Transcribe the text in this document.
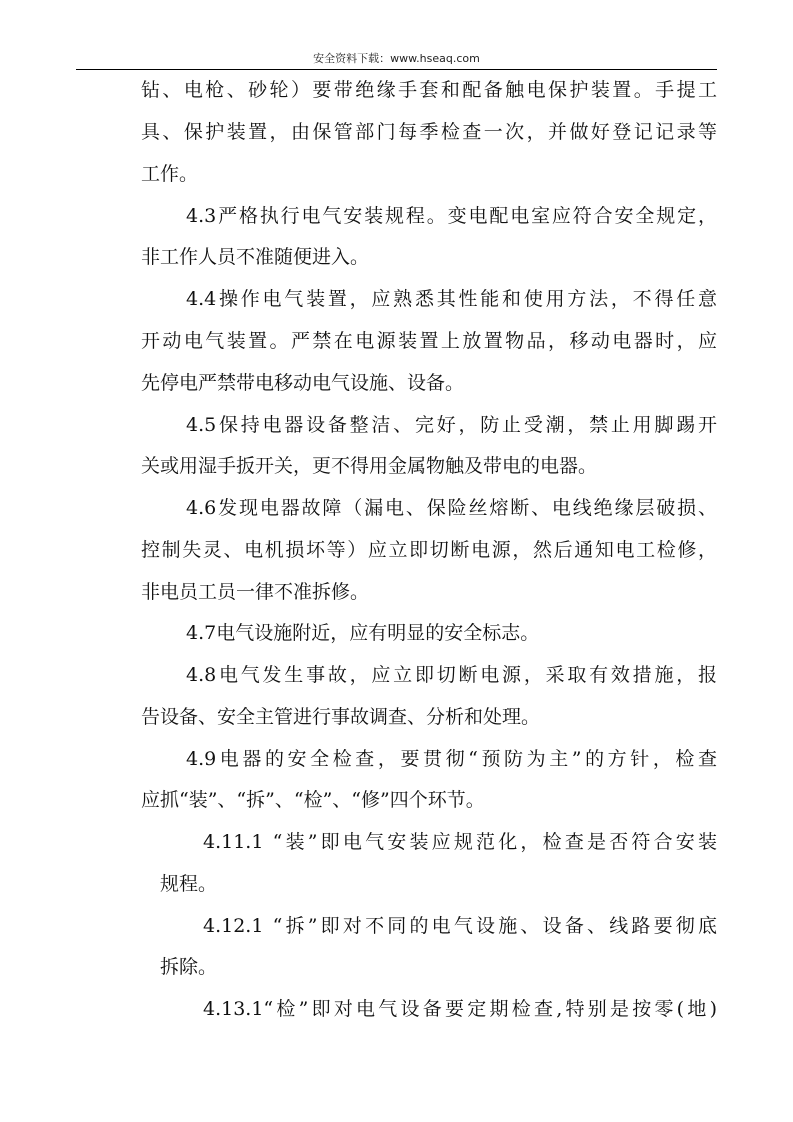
安全资料下载：www.hseaq.com
钻、电枪、砂轮）要带绝缘手套和配备触电保护装置。手提工
具、保护装置，由保管部门每季检查一次，并做好登记记录等
工作。
4.3严格执行电气安装规程。变电配电室应符合安全规定，
非工作人员不准随便进入。
4.4操作电气装置，应熟悉其性能和使用方法，不得任意
开动电气装置。严禁在电源装置上放置物品，移动电器时，应
先停电严禁带电移动电气设施、设备。
4.5保持电器设备整洁、完好，防止受潮，禁止用脚踢开
关或用湿手扳开关，更不得用金属物触及带电的电器。
4.6发现电器故障（漏电、保险丝熔断、电线绝缘层破损、
控制失灵、电机损坏等）应立即切断电源，然后通知电工检修，
非电员工员一律不准拆修。
4.7电气设施附近，应有明显的安全标志。
4.8电气发生事故，应立即切断电源，采取有效措施，报
告设备、安全主管进行事故调查、分析和处理。
4.9电器的安全检查，要贯彻“预防为主”的方针，检查
应抓“装”、“拆”、“检”、“修”四个环节。
4.11.1 “装”即电气安装应规范化，检查是否符合安装
规程。
4.12.1 “拆”即对不同的电气设施、设备、线路要彻底
拆除。
4.13.1“检”即对电气设备要定期检查,特别是按零(地)
